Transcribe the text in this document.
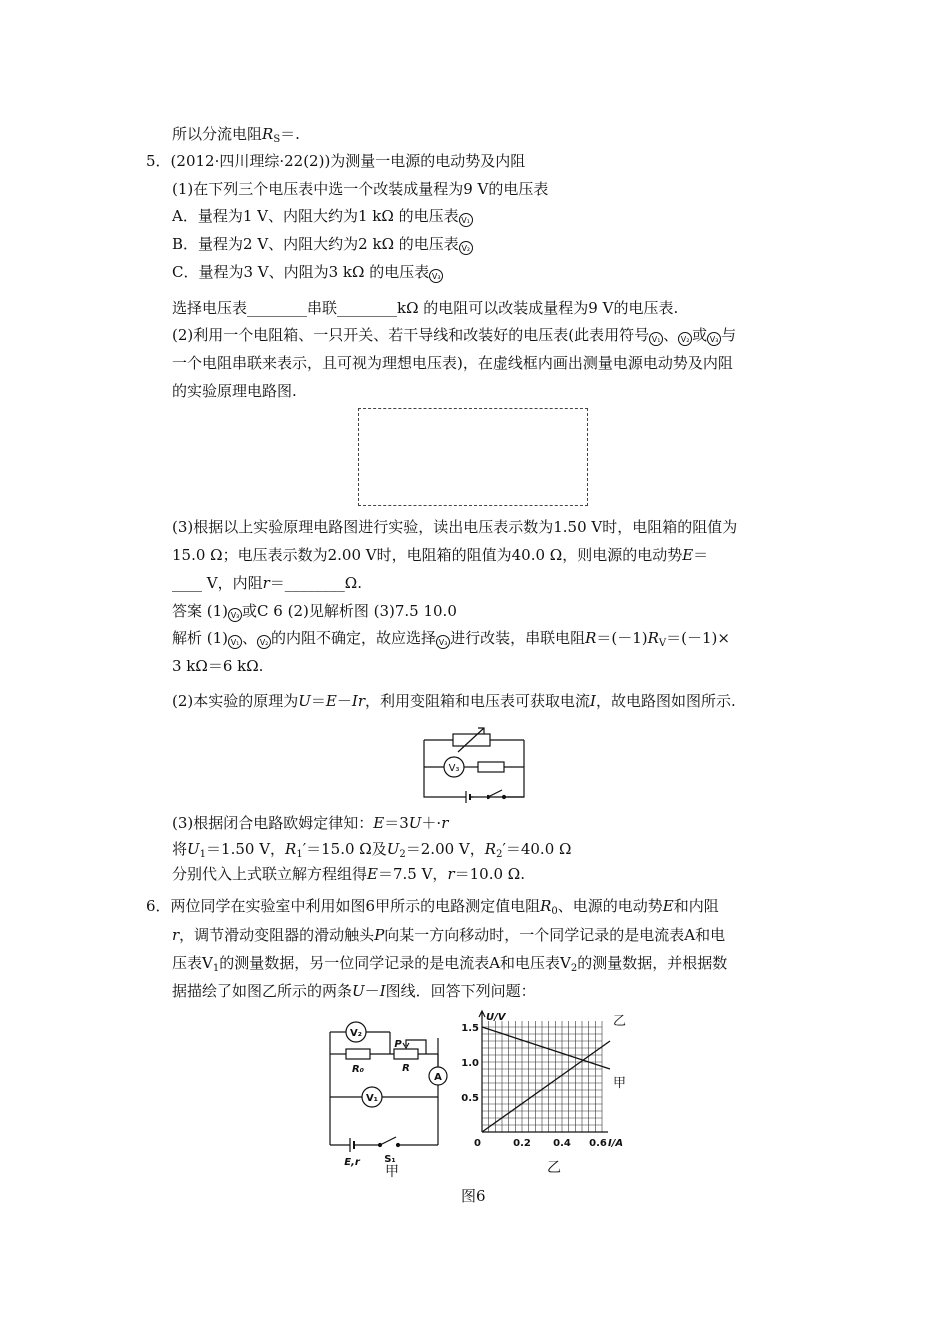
所以分流电阻$R_S=$.
5．(2012·四川理综·22(2))为测量一电源的电动势及内阻
(1)在下列三个电压表中选一个改装成量程为9 V的电压表
A．量程为1 V、内阻大约为1 kΩ 的电压表 V₁
B．量程为2 V、内阻大约为2 kΩ 的电压表 V₂
C．量程为3 V、内阻为3 kΩ 的电压表 V₃
选择电压表________串联________kΩ 的电阻可以改装成量程为9 V的电压表.
(2)利用一个电阻箱、一只开关、若干导线和改装好的电压表(此表用符号 V₁ 、 V₂ 或 V₃ 与
一个电阻串联来表示，且可视为理想电压表)，在虚线框内画出测量电源电动势及内阻
的实验原理电路图.
(3)根据以上实验原理电路图进行实验，读出电压表示数为1.50 V时，电阻箱的阻值为
15.0 Ω；电压表示数为2.00 V时，电阻箱的阻值为40.0 Ω，则电源的电动势E＝
____ V，内阻r＝________Ω.
答案 (1) V₃ 或C 6 (2)见解析图 (3)7.5 10.0
解析 (1) V₁ 、 V₂ 的内阻不确定，故应选择 V₃ 进行改装，串联电阻$R=(-1)R_V=(-1)\times$
3 kΩ＝6 kΩ.
(2)本实验的原理为U＝E－Ir，利用变阻箱和电压表可获取电流I，故电路图如图所示.
V₃
(3)根据闭合电路欧姆定律知：E＝3U＋·r
将$U_1=1.50$ V，$R_1'=15.0$ Ω及$U_2=2.00$ V，$R_2'=40.0$ Ω
分别代入上式联立解方程组得E＝7.5 V，r＝10.0 Ω.
6．两位同学在实验室中利用如图6甲所示的电路测定值电阻$R_0$、电源的电动势E和内阻
r，调节滑动变阻器的滑动触头P向某一方向移动时，一个同学记录的是电流表A和电
压表$V_1$的测量数据，另一位同学记录的是电流表A和电压表$V_2$的测量数据，并根据数
据描绘了如图乙所示的两条U－I图线．回答下列问题：
V₂
V₁
A
R₀	R
P
E,r S₁
甲
甲
乙
0.5
1.0
1.5
0.2 0.4 0.6
0
U/V
I/A
乙
图6
